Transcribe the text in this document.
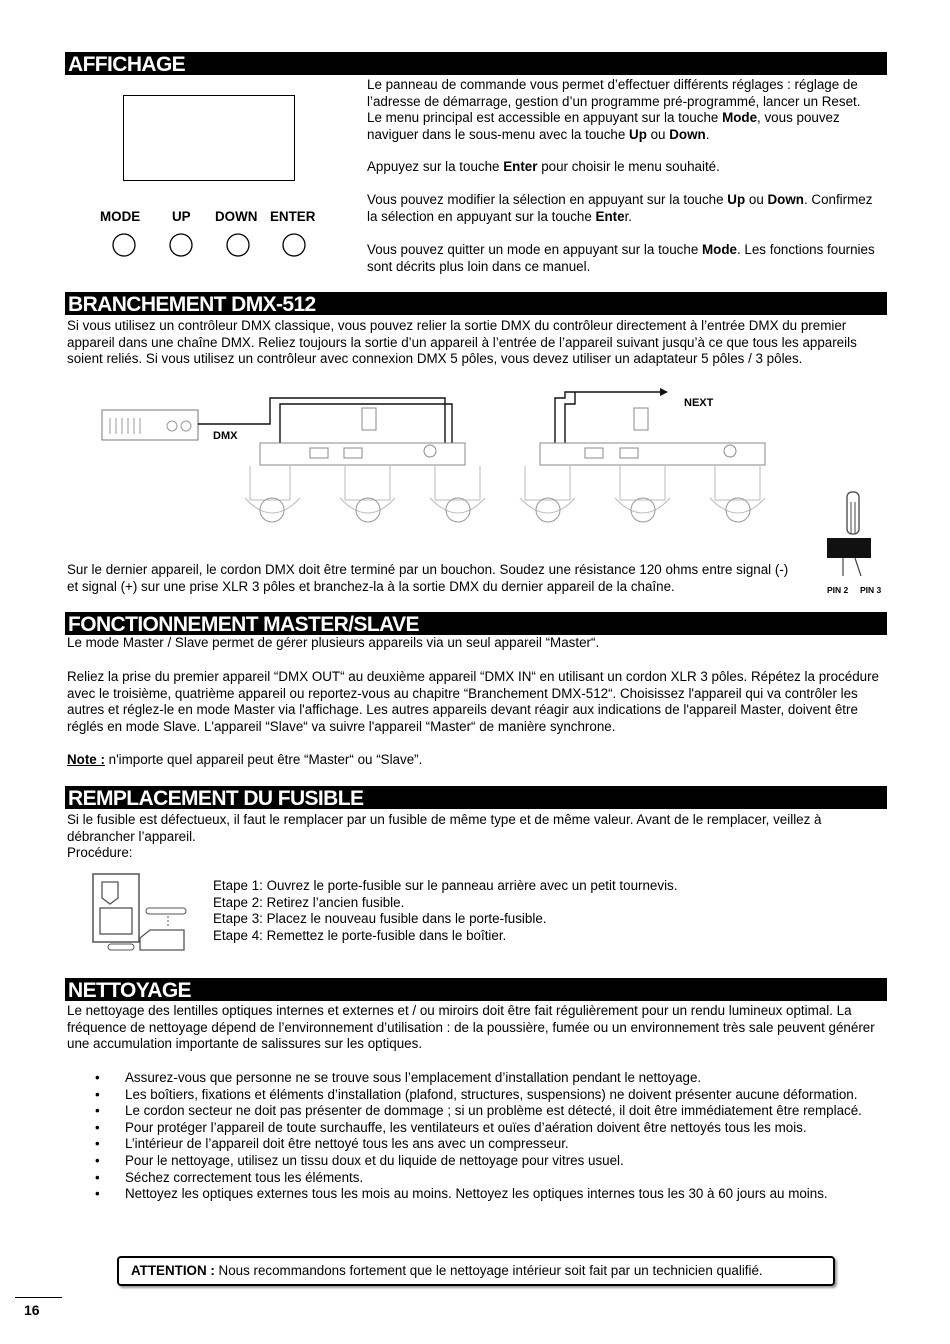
AFFICHAGE
MODE UP DOWN ENTER

Le panneau de commande vous permet d’effectuer différents réglages : réglage de l’adresse de démarrage, gestion d’un programme pré-programmé, lancer un Reset. Le menu principal est accessible en appuyant sur la touche Mode, vous pouvez naviguer dans le sous-menu avec la touche Up ou Down.

Appuyez sur la touche Enter pour choisir le menu souhaité.

Vous pouvez modifier la sélection en appuyant sur la touche Up ou Down. Confirmez la sélection en appuyant sur la touche Enter.

Vous pouvez quitter un mode en appuyant sur la touche Mode. Les fonctions fournies sont décrits plus loin dans ce manuel.

BRANCHEMENT DMX-512

Si vous utilisez un contrôleur DMX classique, vous pouvez relier la sortie DMX du contrôleur directement à l’entrée DMX du premier appareil dans une chaîne DMX. Reliez toujours la sortie d’un appareil à l’entrée de l’appareil suivant jusqu’à ce que tous les appareils soient reliés. Si vous utilisez un contrôleur avec connexion DMX 5 pôles, vous devez utiliser un adaptateur 5 pôles / 3 pôles.

DMX
NEXT

Sur le dernier appareil, le cordon DMX doit être terminé par un bouchon. Soudez une résistance 120 ohms entre signal (-) et signal (+) sur une prise XLR 3 pôles et branchez-la à la sortie DMX du dernier appareil de la chaîne.	PIN 2 PIN 3
FONCTIONNEMENT MASTER/SLAVE

Le mode Master / Slave permet de gérer plusieurs appareils via un seul appareil “Master“.

Reliez la prise du premier appareil “DMX OUT“ au deuxième appareil “DMX IN“ en utilisant un cordon XLR 3 pôles. Répétez la procédure avec le troisième, quatrième appareil ou reportez-vous au chapitre “Branchement DMX-512“. Choisissez l'appareil qui va contrôler les autres et réglez-le en mode Master via l'affichage. Les autres appareils devant réagir aux indications de l'appareil Master, doivent être réglés en mode Slave. L'appareil “Slave“ va suivre l'appareil “Master“ de manière synchrone.

Note : n'importe quel appareil peut être “Master“ ou “Slave”.

REMPLACEMENT DU FUSIBLE

Si le fusible est défectueux, il faut le remplacer par un fusible de même type et de même valeur. Avant de le remplacer, veillez à débrancher l’appareil.

Procédure:

Etape 1: Ouvrez le porte-fusible sur le panneau arrière avec un petit tournevis.
Etape 2: Retirez l’ancien fusible.
Etape 3: Placez le nouveau fusible dans le porte-fusible.
Etape 4: Remettez le porte-fusible dans le boîtier.
NETTOYAGE

Le nettoyage des lentilles optiques internes et externes et / ou miroirs doit être fait régulièrement pour un rendu lumineux optimal. La fréquence de nettoyage dépend de l’environnement d’utilisation : de la poussière, fumée ou un environnement très sale peuvent générer une accumulation importante de salissures sur les optiques.

• Assurez-vous que personne ne se trouve sous l’emplacement d’installation pendant le nettoyage.
• Les boîtiers, fixations et éléments d’installation (plafond, structures, suspensions) ne doivent présenter aucune déformation.
• Le cordon secteur ne doit pas présenter de dommage ; si un problème est détecté, il doit être immédiatement être remplacé.
• Pour protéger l’appareil de toute surchauffe, les ventilateurs et ouïes d’aération doivent être nettoyés tous les mois.
• L’intérieur de l’appareil doit être nettoyé tous les ans avec un compresseur.
• Pour le nettoyage, utilisez un tissu doux et du liquide de nettoyage pour vitres usuel.
• Séchez correctement tous les éléments.
• Nettoyez les optiques externes tous les mois au moins. Nettoyez les optiques internes tous les 30 à 60 jours au moins.
ATTENTION : Nous recommandons fortement que le nettoyage intérieur soit fait par un technicien qualifié.
16
